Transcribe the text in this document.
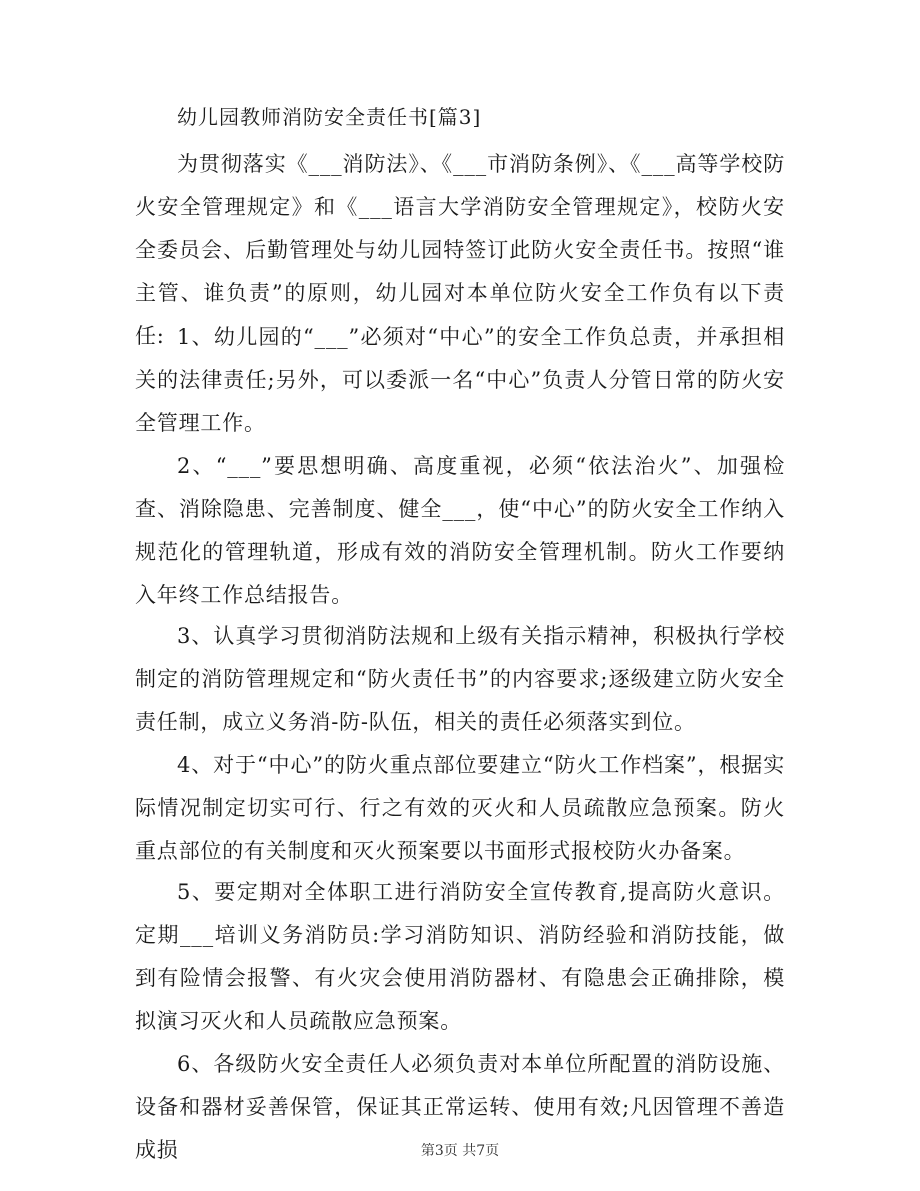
幼儿园教师消防安全责任书[篇3]

为贯彻落实《___消防法》、《___市消防条例》、《___高等学校防火安全管理规定》和《___语言大学消防安全管理规定》，校防火安全委员会、后勤管理处与幼儿园特签订此防火安全责任书。按照“谁主管、谁负责”的原则，幼儿园对本单位防火安全工作负有以下责任: 1、幼儿园的“___”必须对“中心”的安全工作负总责，并承担相关的法律责任;另外，可以委派一名“中心”负责人分管日常的防火安全管理工作。

2、“___”要思想明确、高度重视，必须“依法治火”、加强检查、消除隐患、完善制度、健全___，使“中心”的防火安全工作纳入规范化的管理轨道，形成有效的消防安全管理机制。防火工作要纳入年终工作总结报告。

3、认真学习贯彻消防法规和上级有关指示精神，积极执行学校制定的消防管理规定和“防火责任书”的内容要求;逐级建立防火安全责任制，成立义务消-防-队伍，相关的责任必须落实到位。

4、对于“中心”的防火重点部位要建立“防火工作档案”，根据实际情况制定切实可行、行之有效的灭火和人员疏散应急预案。防火重点部位的有关制度和灭火预案要以书面形式报校防火办备案。

5、要定期对全体职工进行消防安全宣传教育,提高防火意识。定期___培训义务消防员:学习消防知识、消防经验和消防技能，做到有险情会报警、有火灾会使用消防器材、有隐患会正确排除，模拟演习灭火和人员疏散应急预案。

6、各级防火安全责任人必须负责对本单位所配置的消防设施、设备和器材妥善保管，保证其正常运转、使用有效;凡因管理不善造成损	第3页 共7页
